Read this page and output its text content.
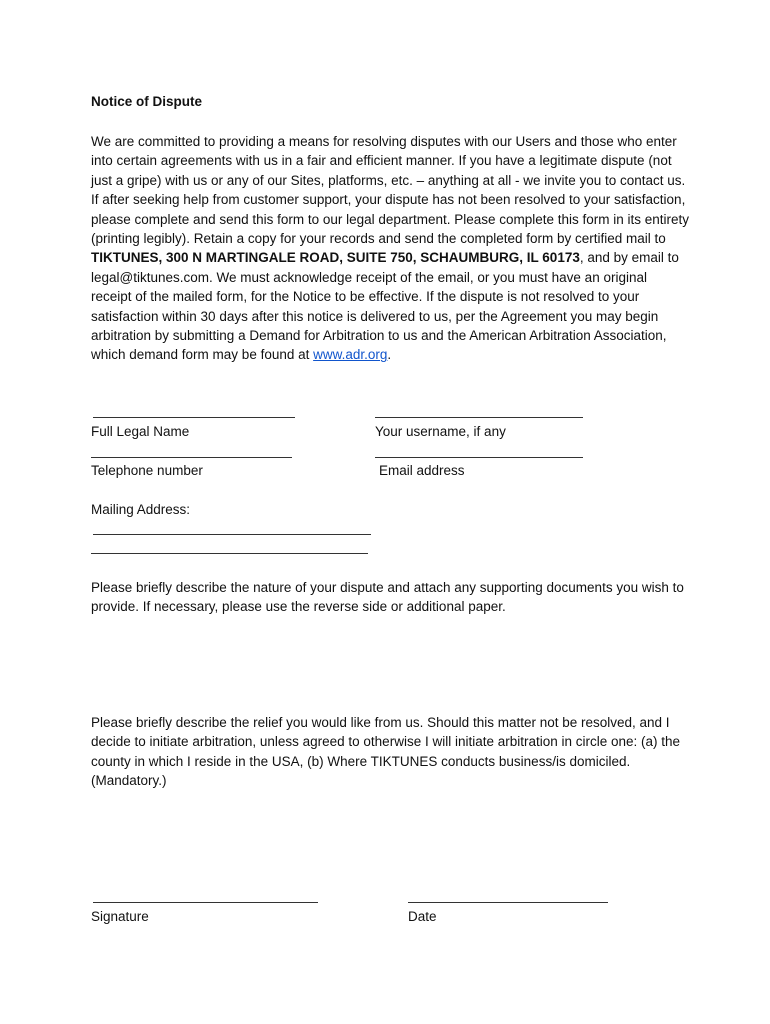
Notice of Dispute
We are committed to providing a means for resolving disputes with our Users and those who enter into certain agreements with us in a fair and efficient manner. If you have a legitimate dispute (not just a gripe) with us or any of our Sites, platforms, etc. – anything at all - we invite you to contact us. If after seeking help from customer support, your dispute has not been resolved to your satisfaction, please complete and send this form to our legal department. Please complete this form in its entirety (printing legibly). Retain a copy for your records and send the completed form by certified mail to TIKTUNES, 300 N MARTINGALE ROAD, SUITE 750, SCHAUMBURG, IL 60173, and by email to legal@tiktunes.com. We must acknowledge receipt of the email, or you must have an original receipt of the mailed form, for the Notice to be effective. If the dispute is not resolved to your satisfaction within 30 days after this notice is delivered to us, per the Agreement you may begin arbitration by submitting a Demand for Arbitration to us and the American Arbitration Association, which demand form may be found at www.adr.org.
Full Legal Name	Your username, if any
Telephone number	Email address
Mailing Address:
Please briefly describe the nature of your dispute and attach any supporting documents you wish to provide. If necessary, please use the reverse side or additional paper.
Please briefly describe the relief you would like from us. Should this matter not be resolved, and I decide to initiate arbitration, unless agreed to otherwise I will initiate arbitration in circle one: (a) the county in which I reside in the USA, (b) Where TIKTUNES conducts business/is domiciled. (Mandatory.)
Signature	Date
